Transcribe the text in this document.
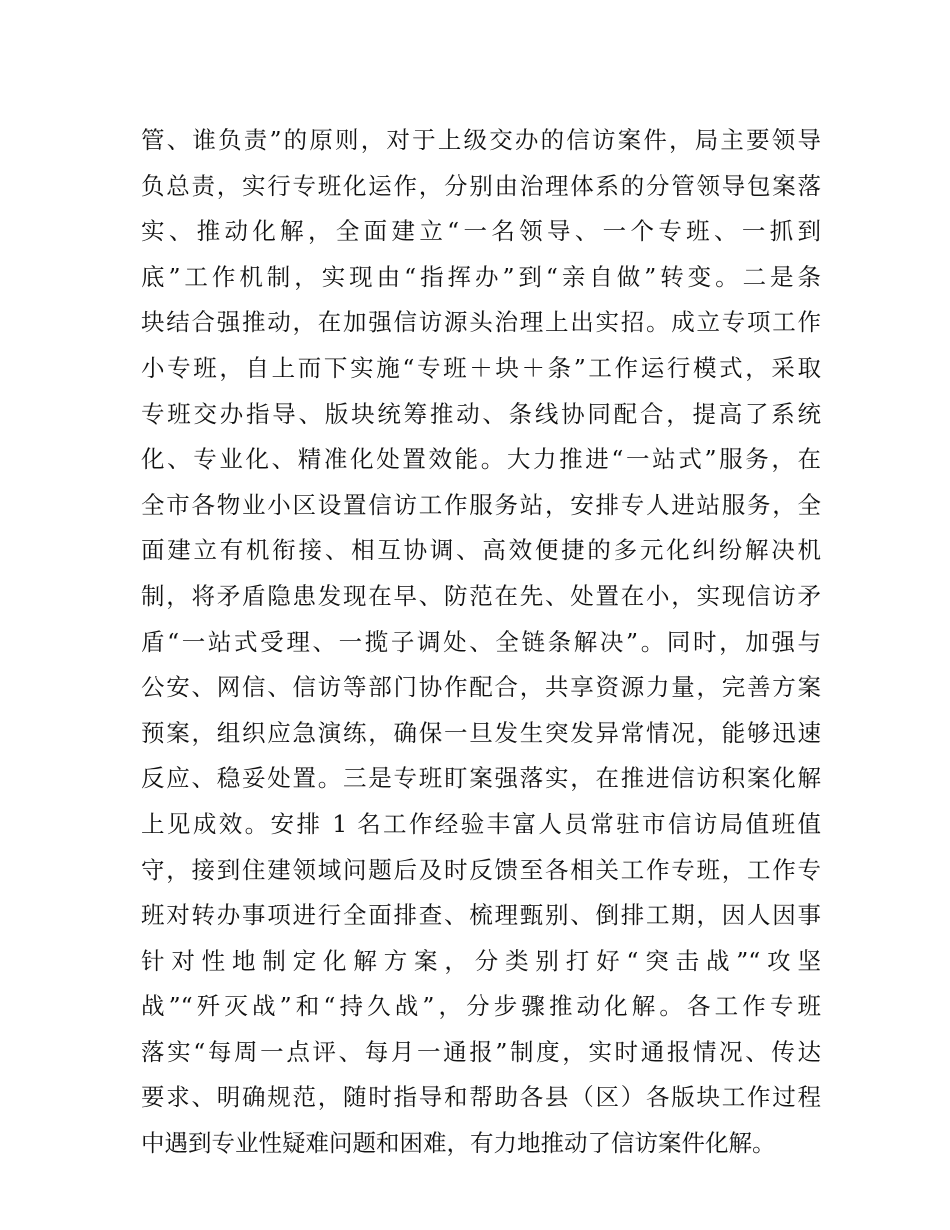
管、谁负责”的原则，对于上级交办的信访案件，局主要领导
负总责，实行专班化运作，分别由治理体系的分管领导包案落
实、推动化解，全面建立“一名领导、一个专班、一抓到
底”工作机制，实现由“指挥办”到“亲自做”转变。二是条
块结合强推动，在加强信访源头治理上出实招。成立专项工作
小专班，自上而下实施“专班＋块＋条”工作运行模式，采取
专班交办指导、版块统筹推动、条线协同配合，提高了系统
化、专业化、精准化处置效能。大力推进“一站式”服务，在
全市各物业小区设置信访工作服务站，安排专人进站服务，全
面建立有机衔接、相互协调、高效便捷的多元化纠纷解决机
制，将矛盾隐患发现在早、防范在先、处置在小，实现信访矛
盾“一站式受理、一揽子调处、全链条解决”。同时，加强与
公安、网信、信访等部门协作配合，共享资源力量，完善方案
预案，组织应急演练，确保一旦发生突发异常情况，能够迅速
反应、稳妥处置。三是专班盯案强落实，在推进信访积案化解
上见成效。安排 1 名工作经验丰富人员常驻市信访局值班值
守，接到住建领域问题后及时反馈至各相关工作专班，工作专
班对转办事项进行全面排查、梳理甄别、倒排工期，因人因事
针对性地制定化解方案，分类别打好“突击战”“攻坚
战”“歼灭战”和“持久战”，分步骤推动化解。各工作专班
落实“每周一点评、每月一通报”制度，实时通报情况、传达
要求、明确规范，随时指导和帮助各县（区）各版块工作过程
中遇到专业性疑难问题和困难，有力地推动了信访案件化解。
